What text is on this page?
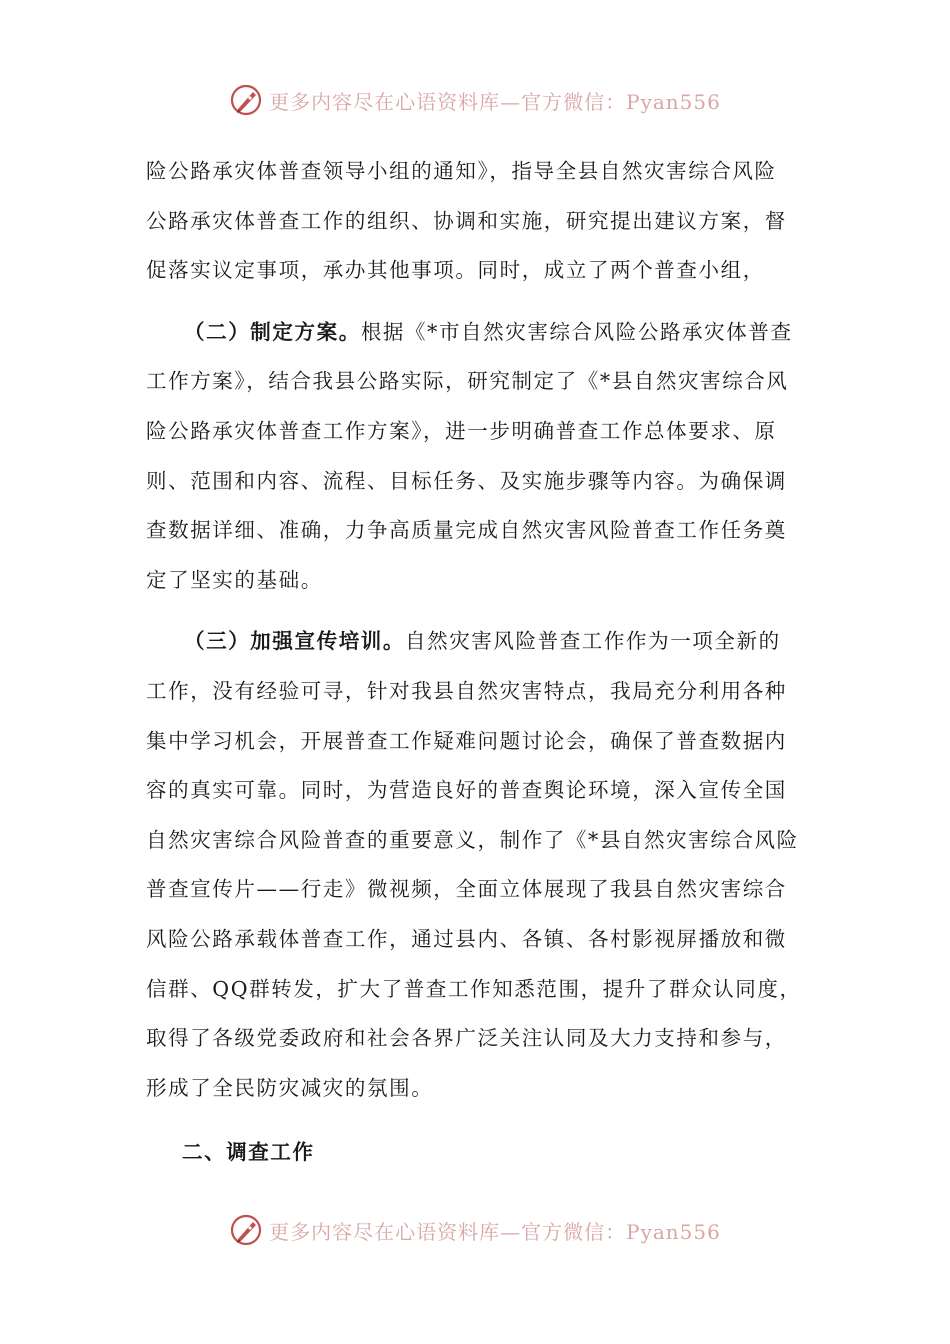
更多内容尽在心语资料库—官方微信：Pyan556
险公路承灾体普查领导小组的通知》，指导全县自然灾害综合风险
公路承灾体普查工作的组织、协调和实施，研究提出建议方案，督
促落实议定事项，承办其他事项。同时，成立了两个普查小组，
（二）制定方案。根据《*市自然灾害综合风险公路承灾体普查
工作方案》，结合我县公路实际，研究制定了《*县自然灾害综合风
险公路承灾体普查工作方案》，进一步明确普查工作总体要求、原
则、范围和内容、流程、目标任务、及实施步骤等内容。为确保调
查数据详细、准确，力争高质量完成自然灾害风险普查工作任务奠
定了坚实的基础。
（三）加强宣传培训。自然灾害风险普查工作作为一项全新的
工作，没有经验可寻，针对我县自然灾害特点，我局充分利用各种
集中学习机会，开展普查工作疑难问题讨论会，确保了普查数据内
容的真实可靠。同时，为营造良好的普查舆论环境，深入宣传全国
自然灾害综合风险普查的重要意义，制作了《*县自然灾害综合风险
普查宣传片——行走》微视频，全面立体展现了我县自然灾害综合
风险公路承载体普查工作，通过县内、各镇、各村影视屏播放和微
信群、QQ群转发，扩大了普查工作知悉范围，提升了群众认同度，
取得了各级党委政府和社会各界广泛关注认同及大力支持和参与，
形成了全民防灾减灾的氛围。
二、调查工作
更多内容尽在心语资料库—官方微信：Pyan556
